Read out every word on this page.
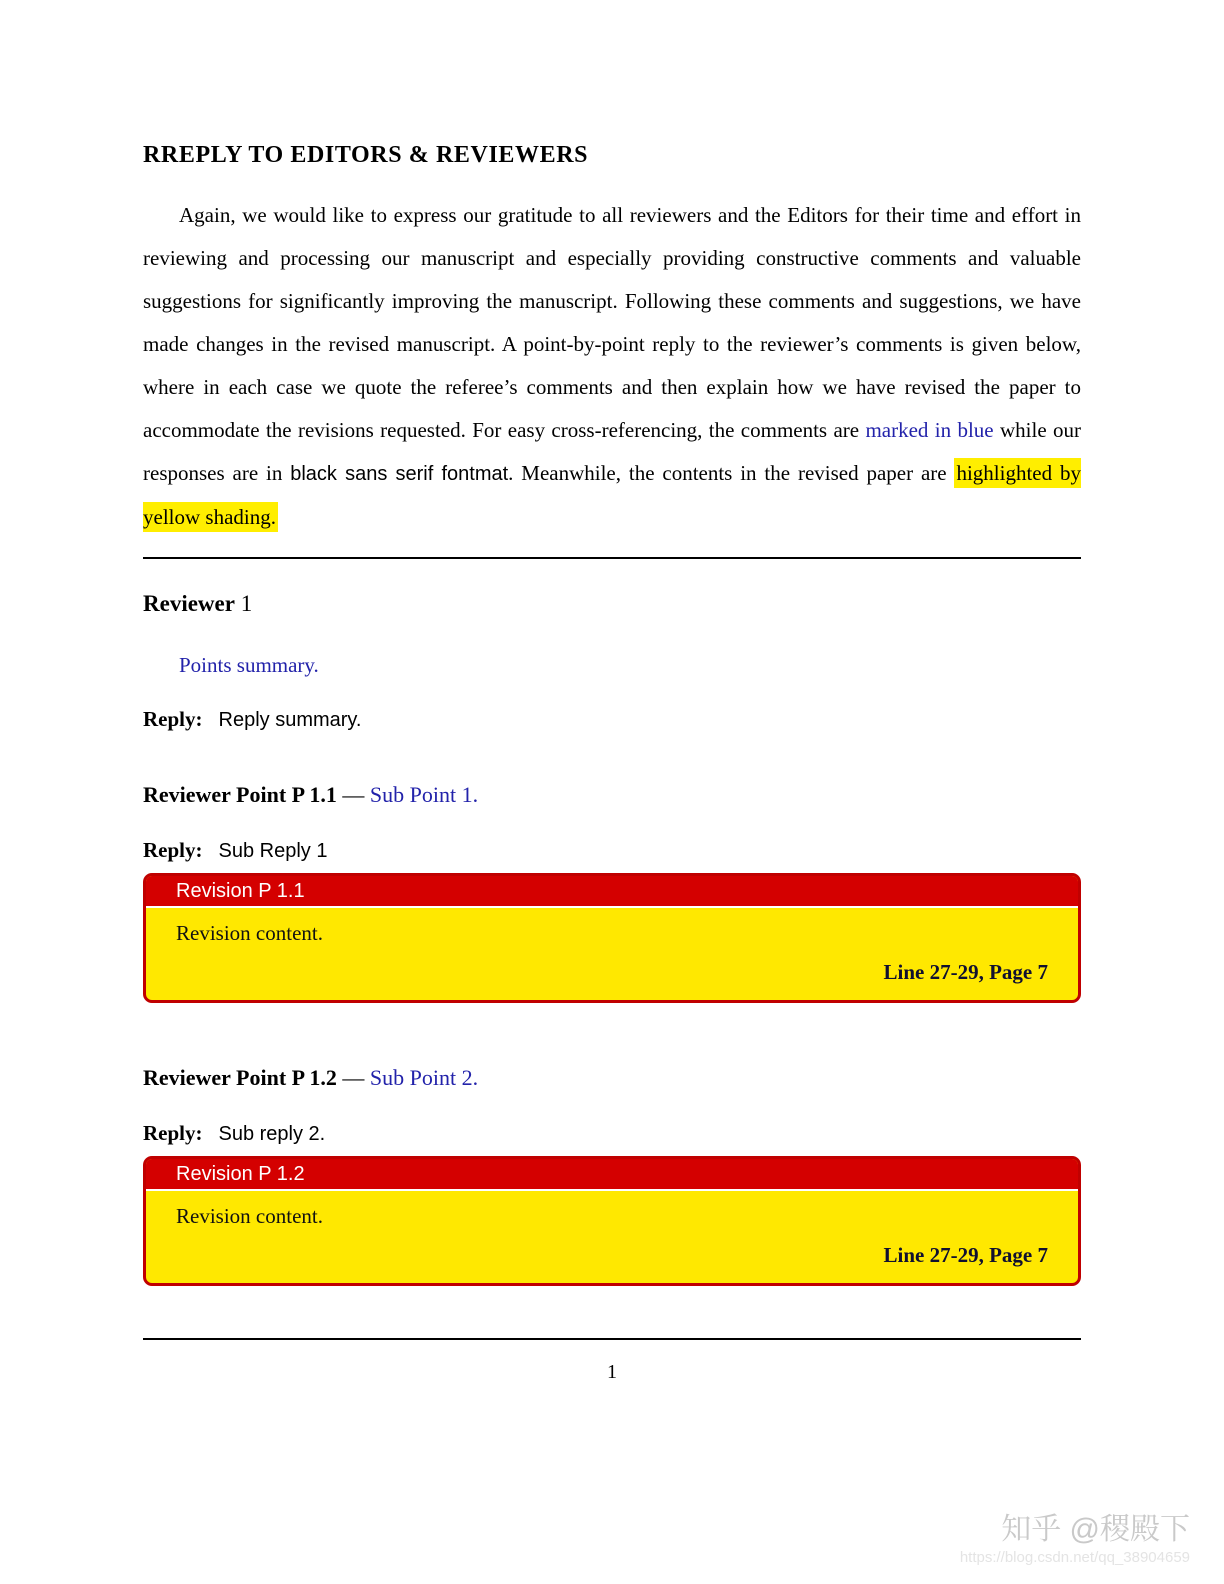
RREPLY TO EDITORS & REVIEWERS

Again, we would like to express our gratitude to all reviewers and the Editors for their time and effort in reviewing and processing our manuscript and especially providing constructive comments and valuable suggestions for significantly improving the manuscript. Following these comments and suggestions, we have made changes in the revised manuscript. A point-by-point reply to the reviewer’s comments is given below, where in each case we quote the referee’s comments and then explain how we have revised the paper to accommodate the revisions requested. For easy cross-referencing, the comments are marked in blue while our responses are in black sans serif fontmat. Meanwhile, the contents in the revised paper are highlighted by yellow shading.

Reviewer 1
Points summary.
Reply: Reply summary.
Reviewer Point P 1.1 — Sub Point 1.
Reply: Sub Reply 1
Revision P 1.1
Revision content.
Line 27-29, Page 7
Reviewer Point P 1.2 — Sub Point 2.
Reply: Sub reply 2.
Revision P 1.2
Revision content.
Line 27-29, Page 7
1
知乎 @稷殿下
https://blog.csdn.net/qq_38904659
